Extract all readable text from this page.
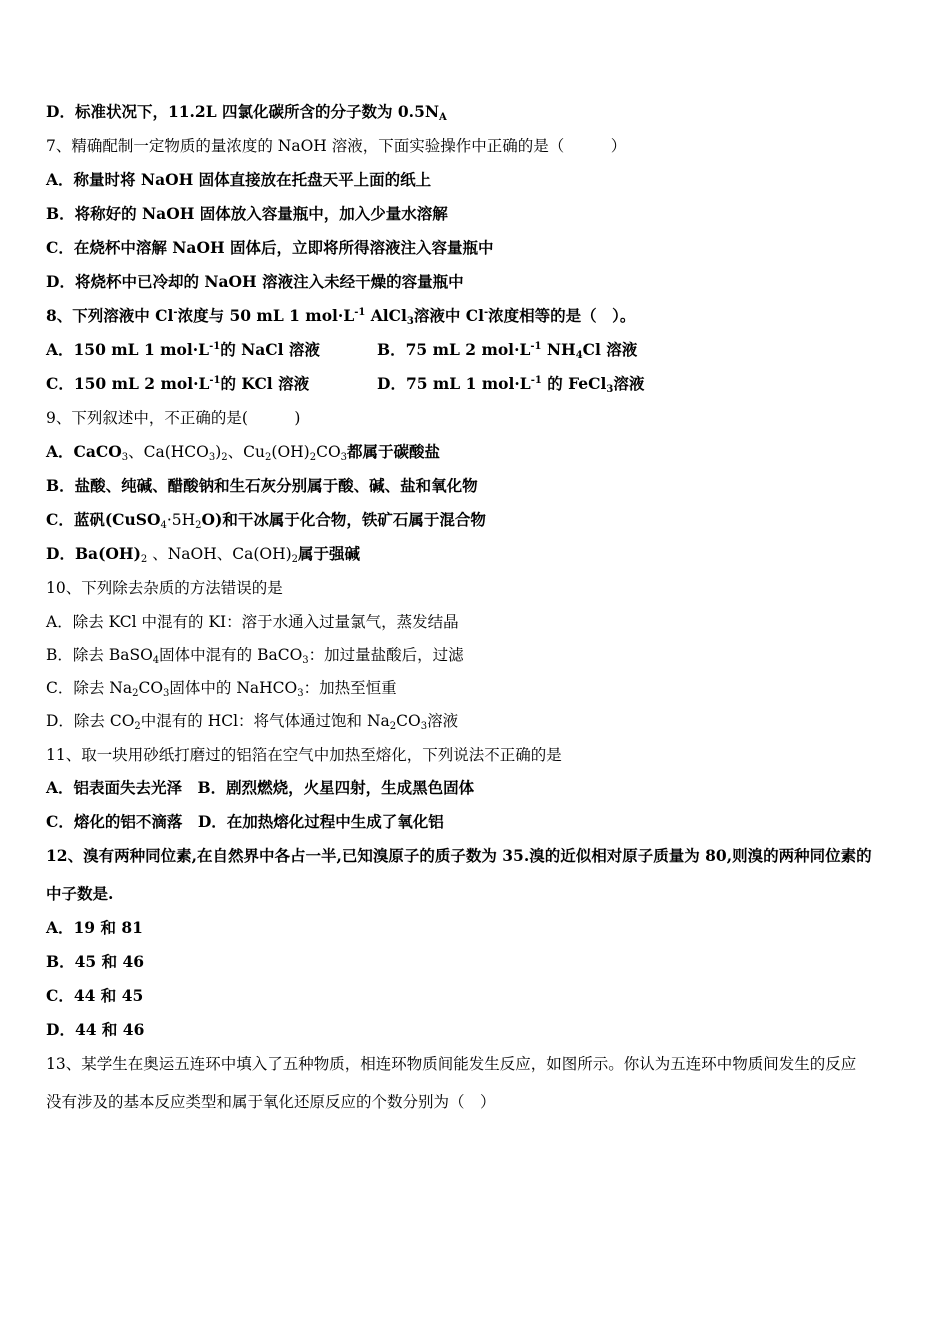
D．标准状况下，11.2L 四氯化碳所含的分子数为 $0.5N_A$
7、精确配制一定物质的量浓度的 NaOH 溶液，下面实验操作中正确的是（　　　）
A．称量时将 NaOH 固体直接放在托盘天平上面的纸上
B．将称好的 NaOH 固体放入容量瓶中，加入少量水溶解
C．在烧杯中溶解 NaOH 固体后，立即将所得溶液注入容量瓶中
D．将烧杯中已冷却的 NaOH 溶液注入未经干燥的容量瓶中
8、下列溶液中 Cl-浓度与 50 mL 1 $mol\cdot L^{-1}$ AlCl$_3$溶液中 Cl-浓度相等的是（　）。
A．150 mL 1 $mol\cdot L^{-1}$的 NaCl 溶液	B．75 mL 2 $mol\cdot L^{-1}$ $NH_4Cl$ 溶液
C．150 mL 2 $mol\cdot L^{-1}$的 KCl 溶液	D．75 mL 1 $mol\cdot L^{-1}$ 的 FeCl$_3$溶液
9、下列叙述中，不正确的是(　　　)
A．CaCO$_3$、$Ca(HCO_3)_2$、$Cu_2(OH)_2CO_3$都属于碳酸盐
B．盐酸、纯碱、醋酸钠和生石灰分别属于酸、碱、盐和氧化物
C．蓝矾$(CuSO_4\cdot 5H_2O)$和干冰属于化合物，铁矿石属于混合物
D．$Ba(OH)_2$ 、NaOH、$Ca(OH)_2$属于强碱
10、下列除去杂质的方法错误的是
A．除去 KCl 中混有的 KI：溶于水通入过量氯气，蒸发结晶
B．除去 BaSO$_4$固体中混有的 BaCO$_3$：加过量盐酸后，过滤
C．除去 $Na_2CO_3$固体中的 NaHCO$_3$：加热至恒重
D．除去 $CO_2$中混有的 HCl：将气体通过饱和 $Na_2CO_3$溶液
11、取一块用砂纸打磨过的铝箔在空气中加热至熔化，下列说法不正确的是
A．铝表面失去光泽　B．剧烈燃烧，火星四射，生成黑色固体
C．熔化的铝不滴落　D．在加热熔化过程中生成了氧化铝
12、溴有两种同位素,在自然界中各占一半,已知溴原子的质子数为 35.溴的近似相对原子质量为 80,则溴的两种同位素的
中子数是.
A．19 和 81
B．45 和 46
C．44 和 45
D．44 和 46
13、某学生在奥运五连环中填入了五种物质，相连环物质间能发生反应，如图所示。你认为五连环中物质间发生的反应
没有涉及的基本反应类型和属于氧化还原反应的个数分别为（　）
